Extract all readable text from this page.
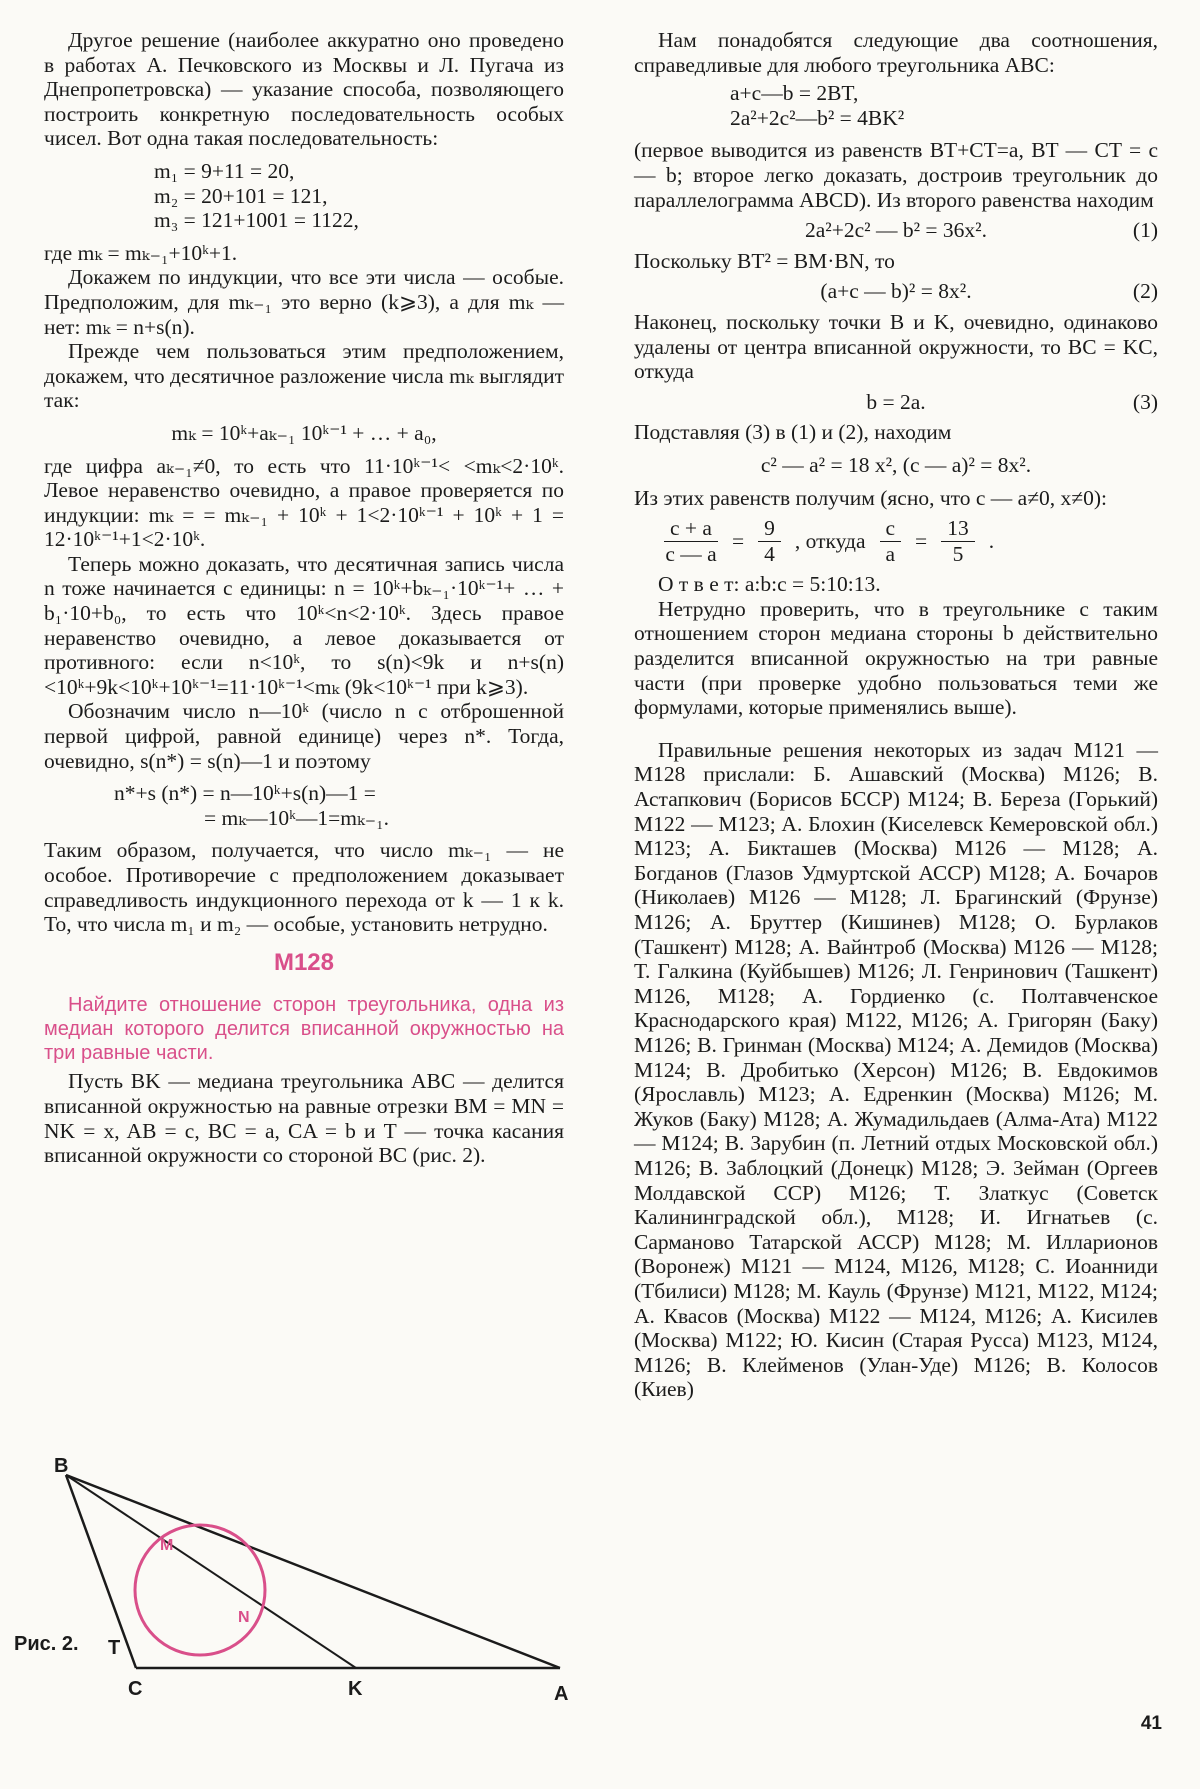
Другое решение (наиболее аккуратно оно проведено в работах А. Печковского из Москвы и Л. Пугача из Днепропетровска) — указание способа, позволяющего построить конкретную последовательность особых чисел. Вот одна такая последовательность:

m₁ = 9+11 = 20,
m₂ = 20+101 = 121,
m₃ = 121+1001 = 1122,

где mₖ = mₖ₋₁+10ᵏ+1.

Докажем по индукции, что все эти числа — особые. Предположим, для mₖ₋₁ это верно (k⩾3), а для mₖ — нет: mₖ = n+s(n).

Прежде чем пользоваться этим предположением, докажем, что десятичное разложение числа mₖ выглядит так:

mₖ = 10ᵏ+aₖ₋₁ 10ᵏ⁻¹ + … + a₀,

где цифра aₖ₋₁≠0, то есть что 11·10ᵏ⁻¹< <mₖ<2·10ᵏ. Левое неравенство очевидно, а правое проверяется по индукции: mₖ = = mₖ₋₁ + 10ᵏ + 1<2·10ᵏ⁻¹ + 10ᵏ + 1 = 12·10ᵏ⁻¹+1<2·10ᵏ.

Теперь можно доказать, что десятичная запись числа n тоже начинается с единицы: n = 10ᵏ+bₖ₋₁·10ᵏ⁻¹+ … + b₁·10+b₀, то есть что 10ᵏ<n<2·10ᵏ. Здесь правое неравенство очевидно, а левое доказывается от противного: если n<10ᵏ, то s(n)<9k и n+s(n)<10ᵏ+9k<10ᵏ+10ᵏ⁻¹=11·10ᵏ⁻¹<mₖ (9k<10ᵏ⁻¹ при k⩾3).

Обозначим число n—10ᵏ (число n с отброшенной первой цифрой, равной единице) через n*. Тогда, очевидно, s(n*) = s(n)—1 и поэтому

n*+s (n*) = n—10ᵏ+s(n)—1 =
= mₖ—10ᵏ—1=mₖ₋₁.

Таким образом, получается, что число mₖ₋₁ — не особое. Противоречие с предположением доказывает справедливость индукционного перехода от k — 1 к k. То, что числа m₁ и m₂ — особые, установить нетрудно.

M128

Найдите отношение сторон треугольника, одна из медиан которого делится вписанной окружностью на три равные части.

Пусть BK — медиана треугольника ABC — делится вписанной окружностью на равные отрезки BM = MN = NK = x, AB = c, BC = a, CA = b и T — точка касания вписанной окружности со стороной BC (рис. 2).

B
C	K	A
T
M
N
Рис. 2.

Нам понадобятся следующие два соотношения, справедливые для любого треугольника ABC:

a+c—b = 2BT,
2a²+2c²—b² = 4BK²

(первое выводится из равенств BT+CT=a, BT — CT = c — b; второе легко доказать, достроив треугольник до параллелограмма ABCD). Из второго равенства находим

2a²+2c² — b² = 36x².	(1)

Поскольку BT² = BM·BN, то

(a+c — b)² = 8x².	(2)

Наконец, поскольку точки B и K, очевидно, одинаково удалены от центра вписанной окружности, то BC = KC, откуда

b = 2a.	(3)

Подставляя (3) в (1) и (2), находим

c² — a² = 18 x², (c — a)² = 8x².

Из этих равенств получим (ясно, что c — a≠0, x≠0):

$\frac{c + a}{c — a} = \frac{9}{4}$ , откуда $\frac{c}{a} = \frac{13}{5}$ .

О т в е т: a:b:c = 5:10:13.

Нетрудно проверить, что в треугольнике с таким отношением сторон медиана стороны b действительно разделится вписанной окружностью на три равные части (при проверке удобно пользоваться теми же формулами, которые применялись выше).

Правильные решения некоторых из задач M121 — M128 прислали: Б. Ашавский (Москва) M126; В. Астапкович (Борисов БССР) M124; В. Береза (Горький) M122 — M123; А. Блохин (Киселевск Кемеровской обл.) M123; А. Бикташев (Москва) M126 — M128; А. Богданов (Глазов Удмуртской АССР) M128; А. Бочаров (Николаев) M126 — M128; Л. Брагинский (Фрунзе) M126; А. Бруттер (Кишинев) M128; О. Бурлаков (Ташкент) M128; А. Вайнтроб (Москва) M126 — M128; Т. Галкина (Куйбышев) M126; Л. Генринович (Ташкент) M126, M128; А. Гордиенко (с. Полтавченское Краснодарского края) M122, M126; А. Григорян (Баку) M126; В. Гринман (Москва) M124; А. Демидов (Москва) M124; В. Дробитько (Херсон) M126; В. Евдокимов (Ярославль) M123; А. Едренкин (Москва) M126; М. Жуков (Баку) M128; А. Жумадильдаев (Алма-Ата) M122 — M124; В. Зарубин (п. Летний отдых Московской обл.) M126; В. Заблоцкий (Донецк) M128; Э. Зейман (Оргеев Молдавской ССР) M126; Т. Златкус (Советск Калининградской обл.), M128; И. Игнатьев (с. Сарманово Татарской АССР) M128; М. Илларионов (Воронеж) M121 — M124, M126, M128; С. Иоанниди (Тбилиси) M128; М. Кауль (Фрунзе) M121, M122, M124; А. Квасов (Москва) M122 — M124, M126; А. Кисилев (Москва) M122; Ю. Кисин (Старая Русса) M123, M124, M126; В. Клейменов (Улан-Уде) M126; В. Колосов (Киев)

41
